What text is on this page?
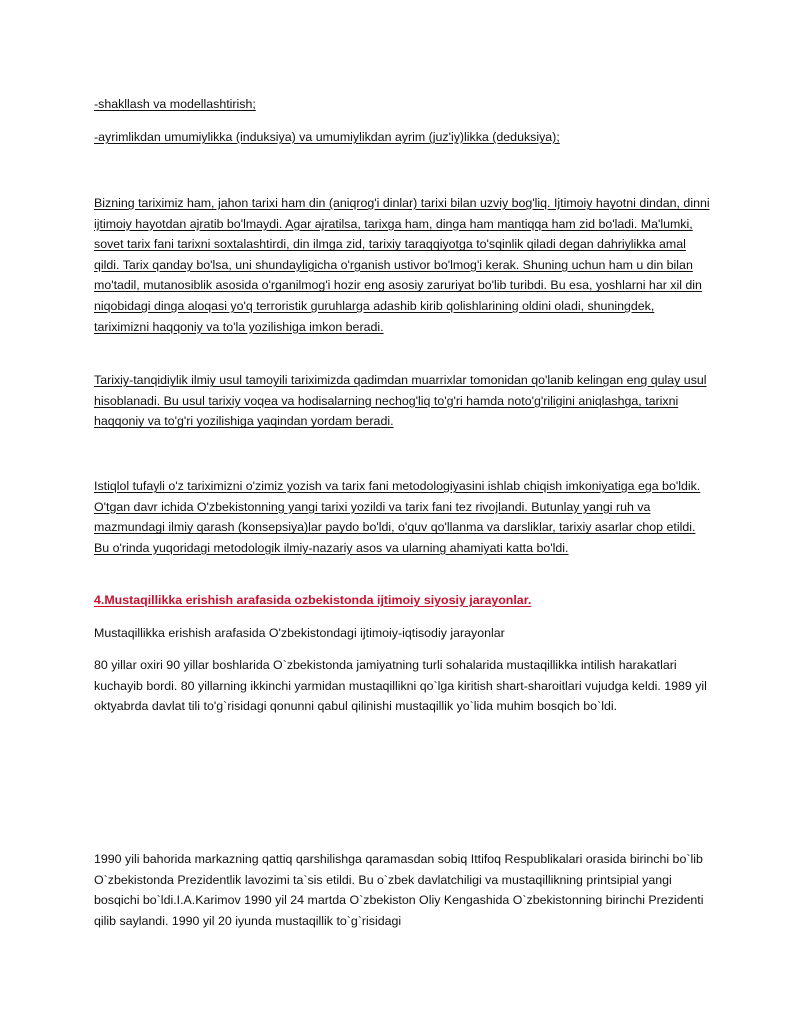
-shakllash va modellashtirish;

-ayrimlikdan umumiylikka (induksiya) va umumiylikdan ayrim (juz'iy)likka (deduksiya);

Bizning tariximiz ham, jahon tarixi ham din (aniqrog'i dinlar) tarixi bilan uzviy bog'liq. Ijtimoiy hayotni dindan, dinni ijtimoiy hayotdan ajratib bo'lmaydi. Agar ajratilsa, tarixga ham, dinga ham mantiqqa ham zid bo'ladi. Ma'lumki, sovet tarix fani tarixni soxtalashtirdi, din ilmga zid, tarixiy taraqqiyotga to'sqinlik qiladi degan dahriylikka amal qildi. Tarix qanday bo'lsa, uni shundayligicha o'rganish ustivor bo'lmog'i kerak. Shuning uchun ham u din bilan mo'tadil, mutanosiblik asosida o'rganilmog'i hozir eng asosiy zaruriyat bo'lib turibdi. Bu esa, yoshlarni har xil din niqobidagi dinga aloqasi yo'q terroristik guruhlarga adashib kirib qolishlarining oldini oladi, shuningdek, tariximizni haqqoniy va to'la yozilishiga imkon beradi.

Tarixiy-tanqidiylik ilmiy usul tamoyili tariximizda qadimdan muarrixlar tomonidan qo'lanib kelingan eng qulay usul hisoblanadi. Bu usul tarixiy voqea va hodisalarning nechog'liq to'g'ri hamda noto'g'riligini aniqlashga, tarixni haqqoniy va to'g'ri yozilishiga yaqindan yordam beradi.

Istiqlol tufayli o'z tariximizni o'zimiz yozish va tarix fani metodologiyasini ishlab chiqish imkoniyatiga ega bo'ldik. O'tgan davr ichida O'zbekistonning yangi tarixi yozildi va tarix fani tez rivojlandi. Butunlay yangi ruh va mazmundagi ilmiy qarash (konsepsiya)lar paydo bo'ldi, o'quv qo'llanma va darsliklar, tarixiy asarlar chop etildi. Bu o'rinda yuqoridagi metodologik ilmiy-nazariy asos va ularning ahamiyati katta bo'ldi.

4.Mustaqillikka erishish arafasida ozbekistonda ijtimoiy siyosiy jarayonlar.

Mustaqillikka erishish arafasida O'zbekistondagi ijtimoiy-iqtisodiy jarayonlar

80 yillar oxiri 90 yillar boshlarida O`zbekistonda jamiyatning turli sohalarida mustaqillikka intilish harakatlari kuchayib bordi. 80 yillarning ikkinchi yarmidan mustaqillikni qo`lga kiritish shart-sharoitlari vujudga keldi. 1989 yil oktyabrda davlat tili to'g`risidagi qonunni qabul qilinishi mustaqillik yo`lida muhim bosqich bo`ldi.

1990 yili bahorida markazning qattiq qarshilishga qaramasdan sobiq Ittifoq Respublikalari orasida birinchi bo`lib O`zbekistonda Prezidentlik lavozimi ta`sis etildi. Bu o`zbek davlatchiligi va mustaqillikning printsipial yangi bosqichi bo`ldi.I.A.Karimov 1990 yil 24 martda O`zbekiston Oliy Kengashida O`zbekistonning birinchi Prezidenti qilib saylandi. 1990 yil 20 iyunda mustaqillik to`g`risidagi
